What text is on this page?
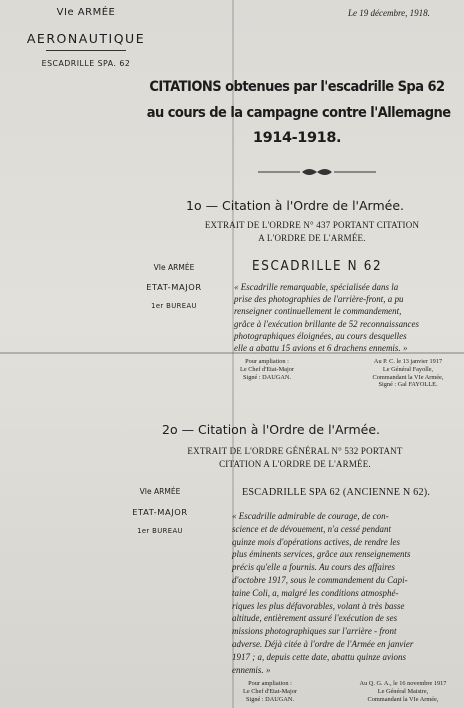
VIe ARMÉE
AERONAUTIQUE
ESCADRILLE SPA. 62
Le 19 décembre, 1918.
CITATIONS obtenues par l'escadrille Spa 62
au cours de la campagne contre l'Allemagne
1914-1918.
1o — Citation à l'Ordre de l'Armée.
EXTRAIT DE L'ORDRE N° 437 PORTANT CITATION
A L'ORDRE DE L'ARMÉE.
VIe ARMÉE
ETAT-MAJOR
1er BUREAU
ESCADRILLE N 62
« Escadrille remarquable, spécialisée dans la
prise des photographies de l'arrière-front, a pu
renseigner continuellement le commandement,
grâce à l'exécution brillante de 52 reconnaissances
photographiques éloignées, au cours desquelles
elle a abattu 15 avions et 6 drachens ennemis. »
Pour ampliation :
Le Chef d'Etat-Major
Signé : DAUGAN.
Au P. C. le 13 janvier 1917
Le Général Fayolle,
Commandant la VIe Armée,
Signé : Gal FAYOLLE.
2o — Citation à l'Ordre de l'Armée.
EXTRAIT DE L'ORDRE GÉNÉRAL N° 532 PORTANT
CITATION A L'ORDRE DE L'ARMÉE.
VIe ARMÉE
ETAT-MAJOR
1er BUREAU
ESCADRILLE SPA 62 (ANCIENNE N 62).
« Escadrille admirable de courage, de con-
science et de dévouement, n'a cessé pendant
quinze mois d'opérations actives, de rendre les
plus éminents services, grâce aux renseignements
précis qu'elle a fournis. Au cours des affaires
d'octobre 1917, sous le commandement du Capi-
taine Coli, a, malgré les conditions atmosphé-
riques les plus défavorables, volant à très basse
altitude, entièrement assuré l'exécution de ses
missions photographiques sur l'arrière - front
adverse. Déjà citée à l'ordre de l'Armée en janvier
1917 ; a, depuis cette date, abattu quinze avions
ennemis. »
Pour ampliation :
Le Chef d'Etat-Major
Signé : DAUGAN.
Au Q. G. A., le 16 novembre 1917
Le Général Maistre,
Commandant la VIe Armée,
